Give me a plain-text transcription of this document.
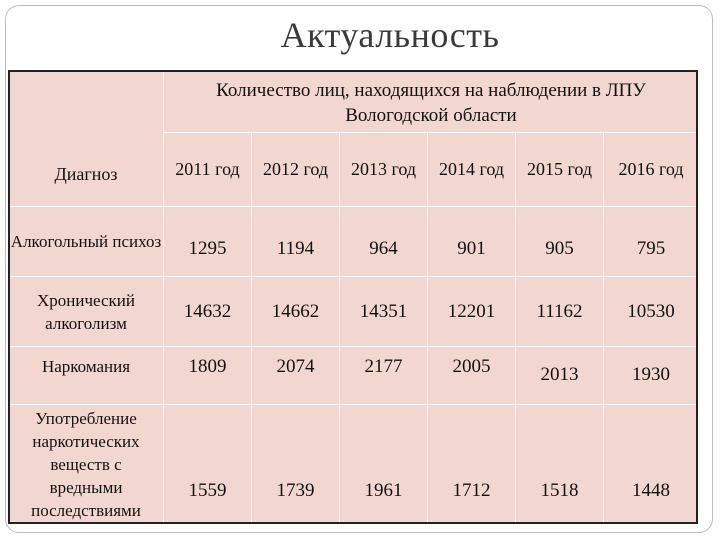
Актуальность
Диагноз	Количество лиц, находящихся на наблюдении в ЛПУ Вологодской области					
	2011 год	2012 год	2013 год	2014 год	2015 год	2016 год
Алкогольный психоз	1295	1194	964	901	905	795
Хронический алкоголизм	14632	14662	14351	12201	11162	10530
Наркомания	1809	2074	2177	2005	2013	1930
Употребление наркотических веществ с вредными последствиями	1559	1739	1961	1712	1518	1448
